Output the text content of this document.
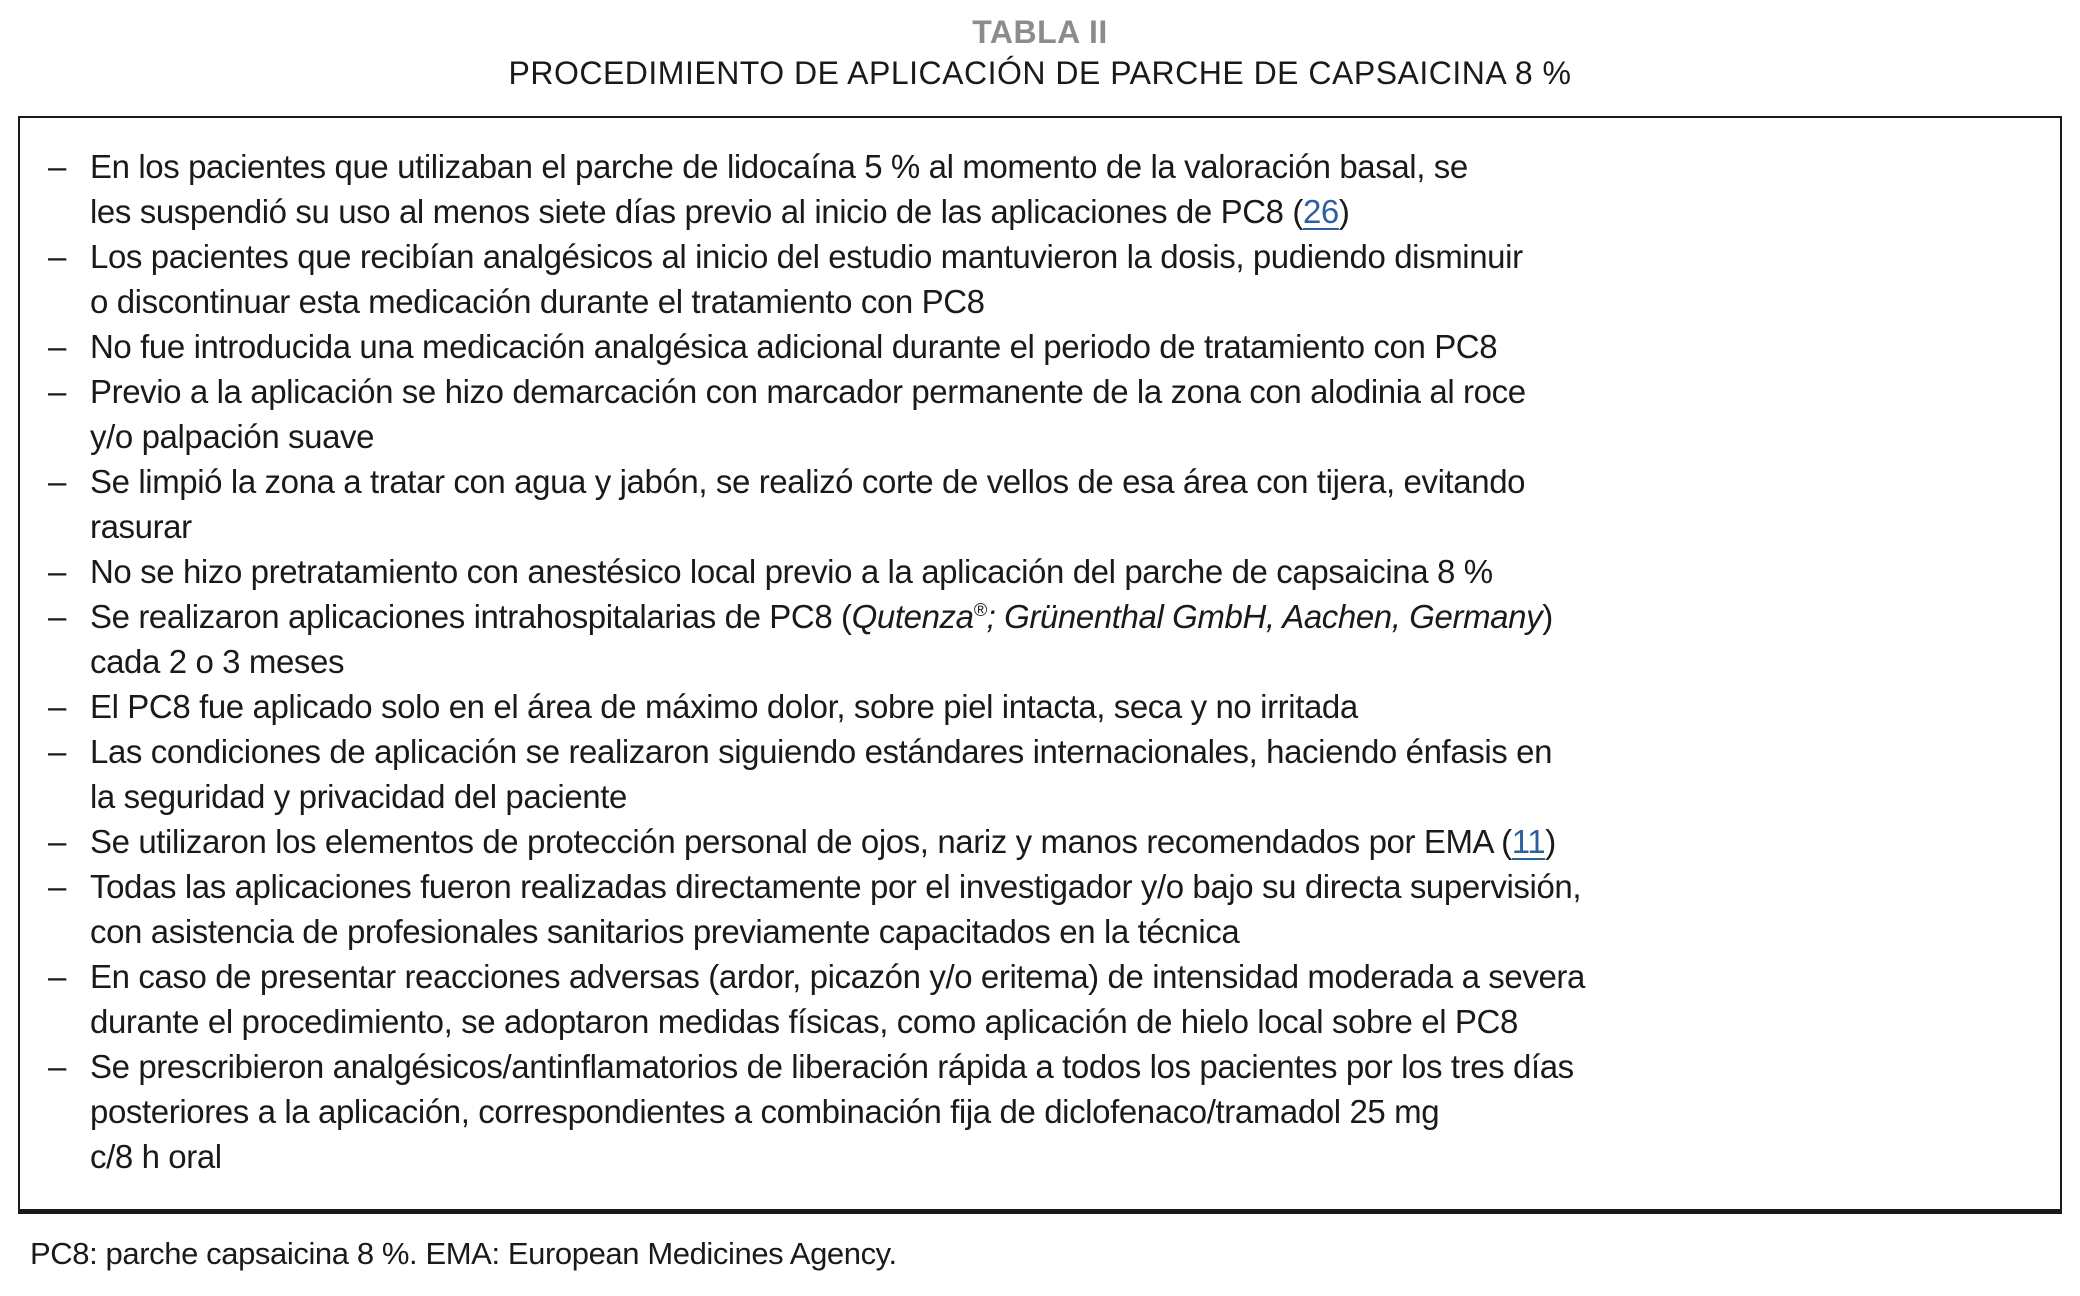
TABLA II
PROCEDIMIENTO DE APLICACIÓN DE PARCHE DE CAPSAICINA 8 %
– En los pacientes que utilizaban el parche de lidocaína 5 % al momento de la valoración basal, se
les suspendió su uso al menos siete días previo al inicio de las aplicaciones de PC8 (26)
– Los pacientes que recibían analgésicos al inicio del estudio mantuvieron la dosis, pudiendo disminuir
o discontinuar esta medicación durante el tratamiento con PC8
– No fue introducida una medicación analgésica adicional durante el periodo de tratamiento con PC8
– Previo a la aplicación se hizo demarcación con marcador permanente de la zona con alodinia al roce
y/o palpación suave
– Se limpió la zona a tratar con agua y jabón, se realizó corte de vellos de esa área con tijera, evitando
rasurar
– No se hizo pretratamiento con anestésico local previo a la aplicación del parche de capsaicina 8 %
– Se realizaron aplicaciones intrahospitalarias de PC8 (Qutenza®; Grünenthal GmbH, Aachen, Germany)
cada 2 o 3 meses
– El PC8 fue aplicado solo en el área de máximo dolor, sobre piel intacta, seca y no irritada
– Las condiciones de aplicación se realizaron siguiendo estándares internacionales, haciendo énfasis en
la seguridad y privacidad del paciente
– Se utilizaron los elementos de protección personal de ojos, nariz y manos recomendados por EMA (11)
– Todas las aplicaciones fueron realizadas directamente por el investigador y/o bajo su directa supervisión,
con asistencia de profesionales sanitarios previamente capacitados en la técnica
– En caso de presentar reacciones adversas (ardor, picazón y/o eritema) de intensidad moderada a severa
durante el procedimiento, se adoptaron medidas físicas, como aplicación de hielo local sobre el PC8
– Se prescribieron analgésicos/antinflamatorios de liberación rápida a todos los pacientes por los tres días
posteriores a la aplicación, correspondientes a combinación fija de diclofenaco/tramadol 25 mg
c/8 h oral
PC8: parche capsaicina 8 %. EMA: European Medicines Agency.
